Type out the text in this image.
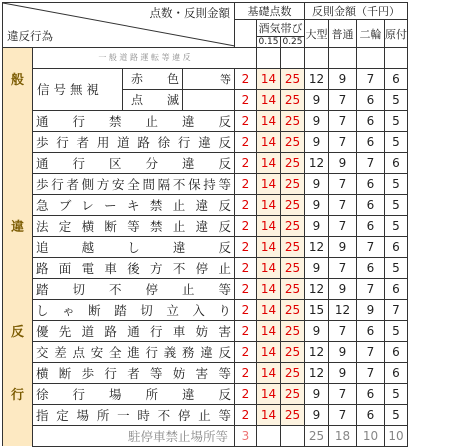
点数・反則金額
違反行為				基礎点数			反則金額（千円）			
					酒気帯び		大型	普通	二輪	原付
					0.15	0.25				
	一 般 道 路 運 転 等 違 反									
般	信 号 無 視	赤　　色	等	2	14	25	12	9	7	6
		点　　滅		2	14	25	9	7	6	5
	通行禁止違反			2	14	25	9	7	6	5
	歩行者用道路徐行違反			2	14	25	9	7	6	5
	通行区分違反			2	14	25	12	9	7	6
	歩行者側方安全間隔不保持等			2	14	25	9	7	6	5
	急ブレーキ禁止違反			2	14	25	9	7	6	5
違	法定横断等禁止違反			2	14	25	9	7	6	5
	追越し違反			2	14	25	12	9	7	6
	路面電車後方不停止			2	14	25	9	7	6	5
	踏切不停止等			2	14	25	12	9	7	6
	しゃ断踏切立入り			2	14	25	15	12	9	7
反	優先道路通行車妨害			2	14	25	9	7	6	5
	交差点安全進行義務違反			2	14	25	12	9	7	6
	横断歩行者等妨害等			2	14	25	12	9	7	6
行	徐行場所違反			2	14	25	9	7	6	5
	指定場所一時不停止等			2	14	25	9	7	6	5
	駐停車禁止場所等			3			25	18	10	10
